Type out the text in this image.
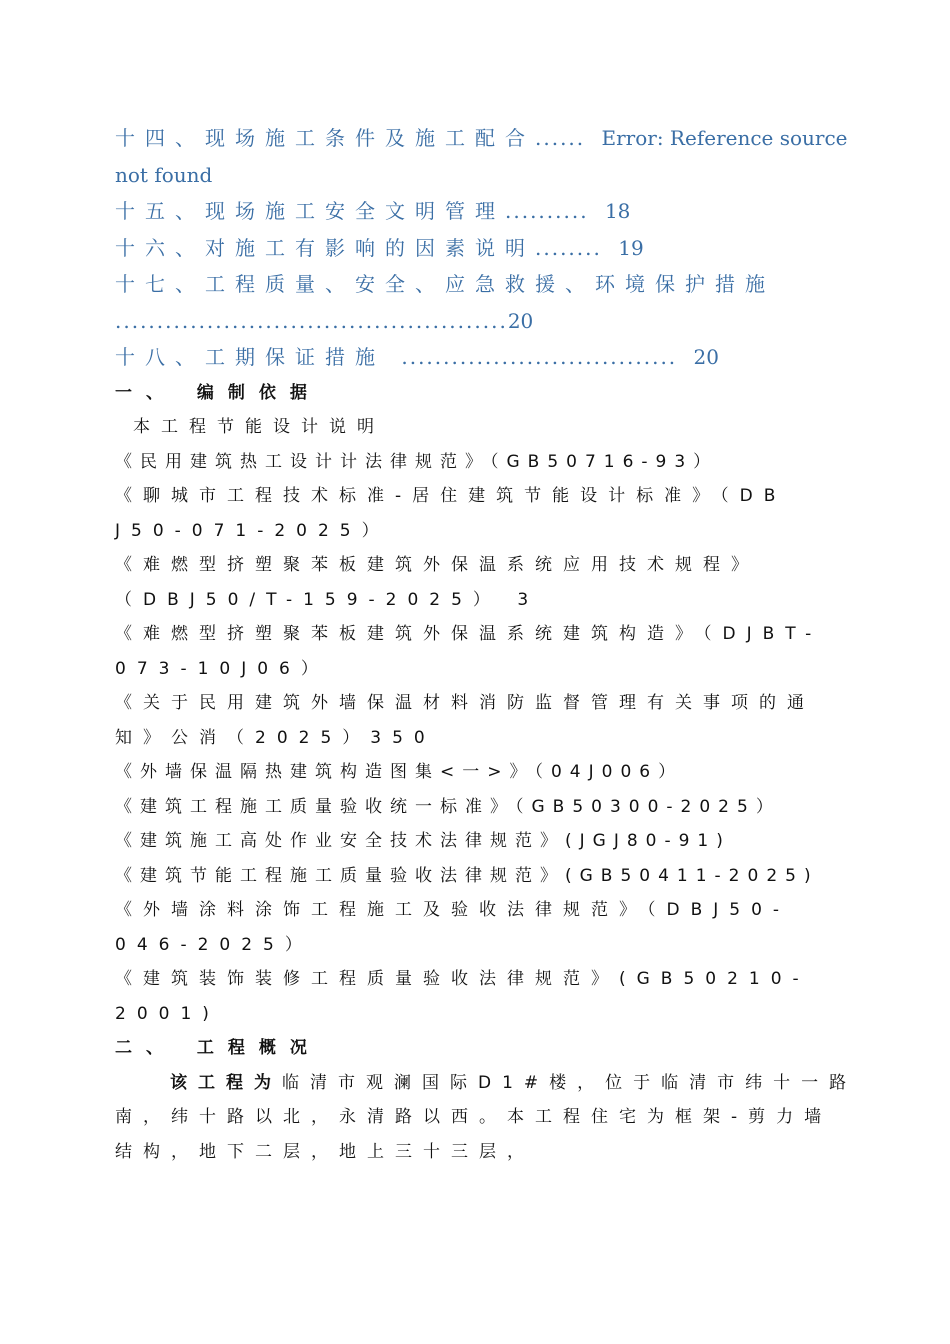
十四、现场施工条件及施工配合...... Error: Reference source not found
十五、现场施工安全文明管理.......... 18
十六、对施工有影响的因素说明........ 19
十七、工程质量、安全、应急救援、环境保护措施
...............................................20
十八、工期保证措施 ................................. 20
一、 编制依据
本工程节能设计说明
《民用建筑热工设计计法律规范》（GB50716-93）
《聊城市工程技术标准-居住建筑节能设计标准》（DB J50-071-2025）
《难燃型挤塑聚苯板建筑外保温系统应用技术规程》（DBJ50/T-159-2025） 3
《难燃型挤塑聚苯板建筑外保温系统建筑构造》（DJBT-073-10J06）
《关于民用建筑外墙保温材料消防监督管理有关事项的通知》公消（2025）350
《外墙保温隔热建筑构造图集<一>》（04J006）
《建筑工程施工质量验收统一标准》（GB50300-2025）
《建筑施工高处作业安全技术法律规范》(JGJ80-91)
《建筑节能工程施工质量验收法律规范》(GB50411-2025)
《外墙涂料涂饰工程施工及验收法律规范》（DBJ50-046-2025）
《建筑装饰装修工程质量验收法律规范》(GB50210-2001)
二、 工程概况
该工程为临清市观澜国际D1#楼，位于临清市纬十一路南，纬十路以北，永清路以西。本工程住宅为框架-剪力墙结构，地下二层，地上三十三层，
